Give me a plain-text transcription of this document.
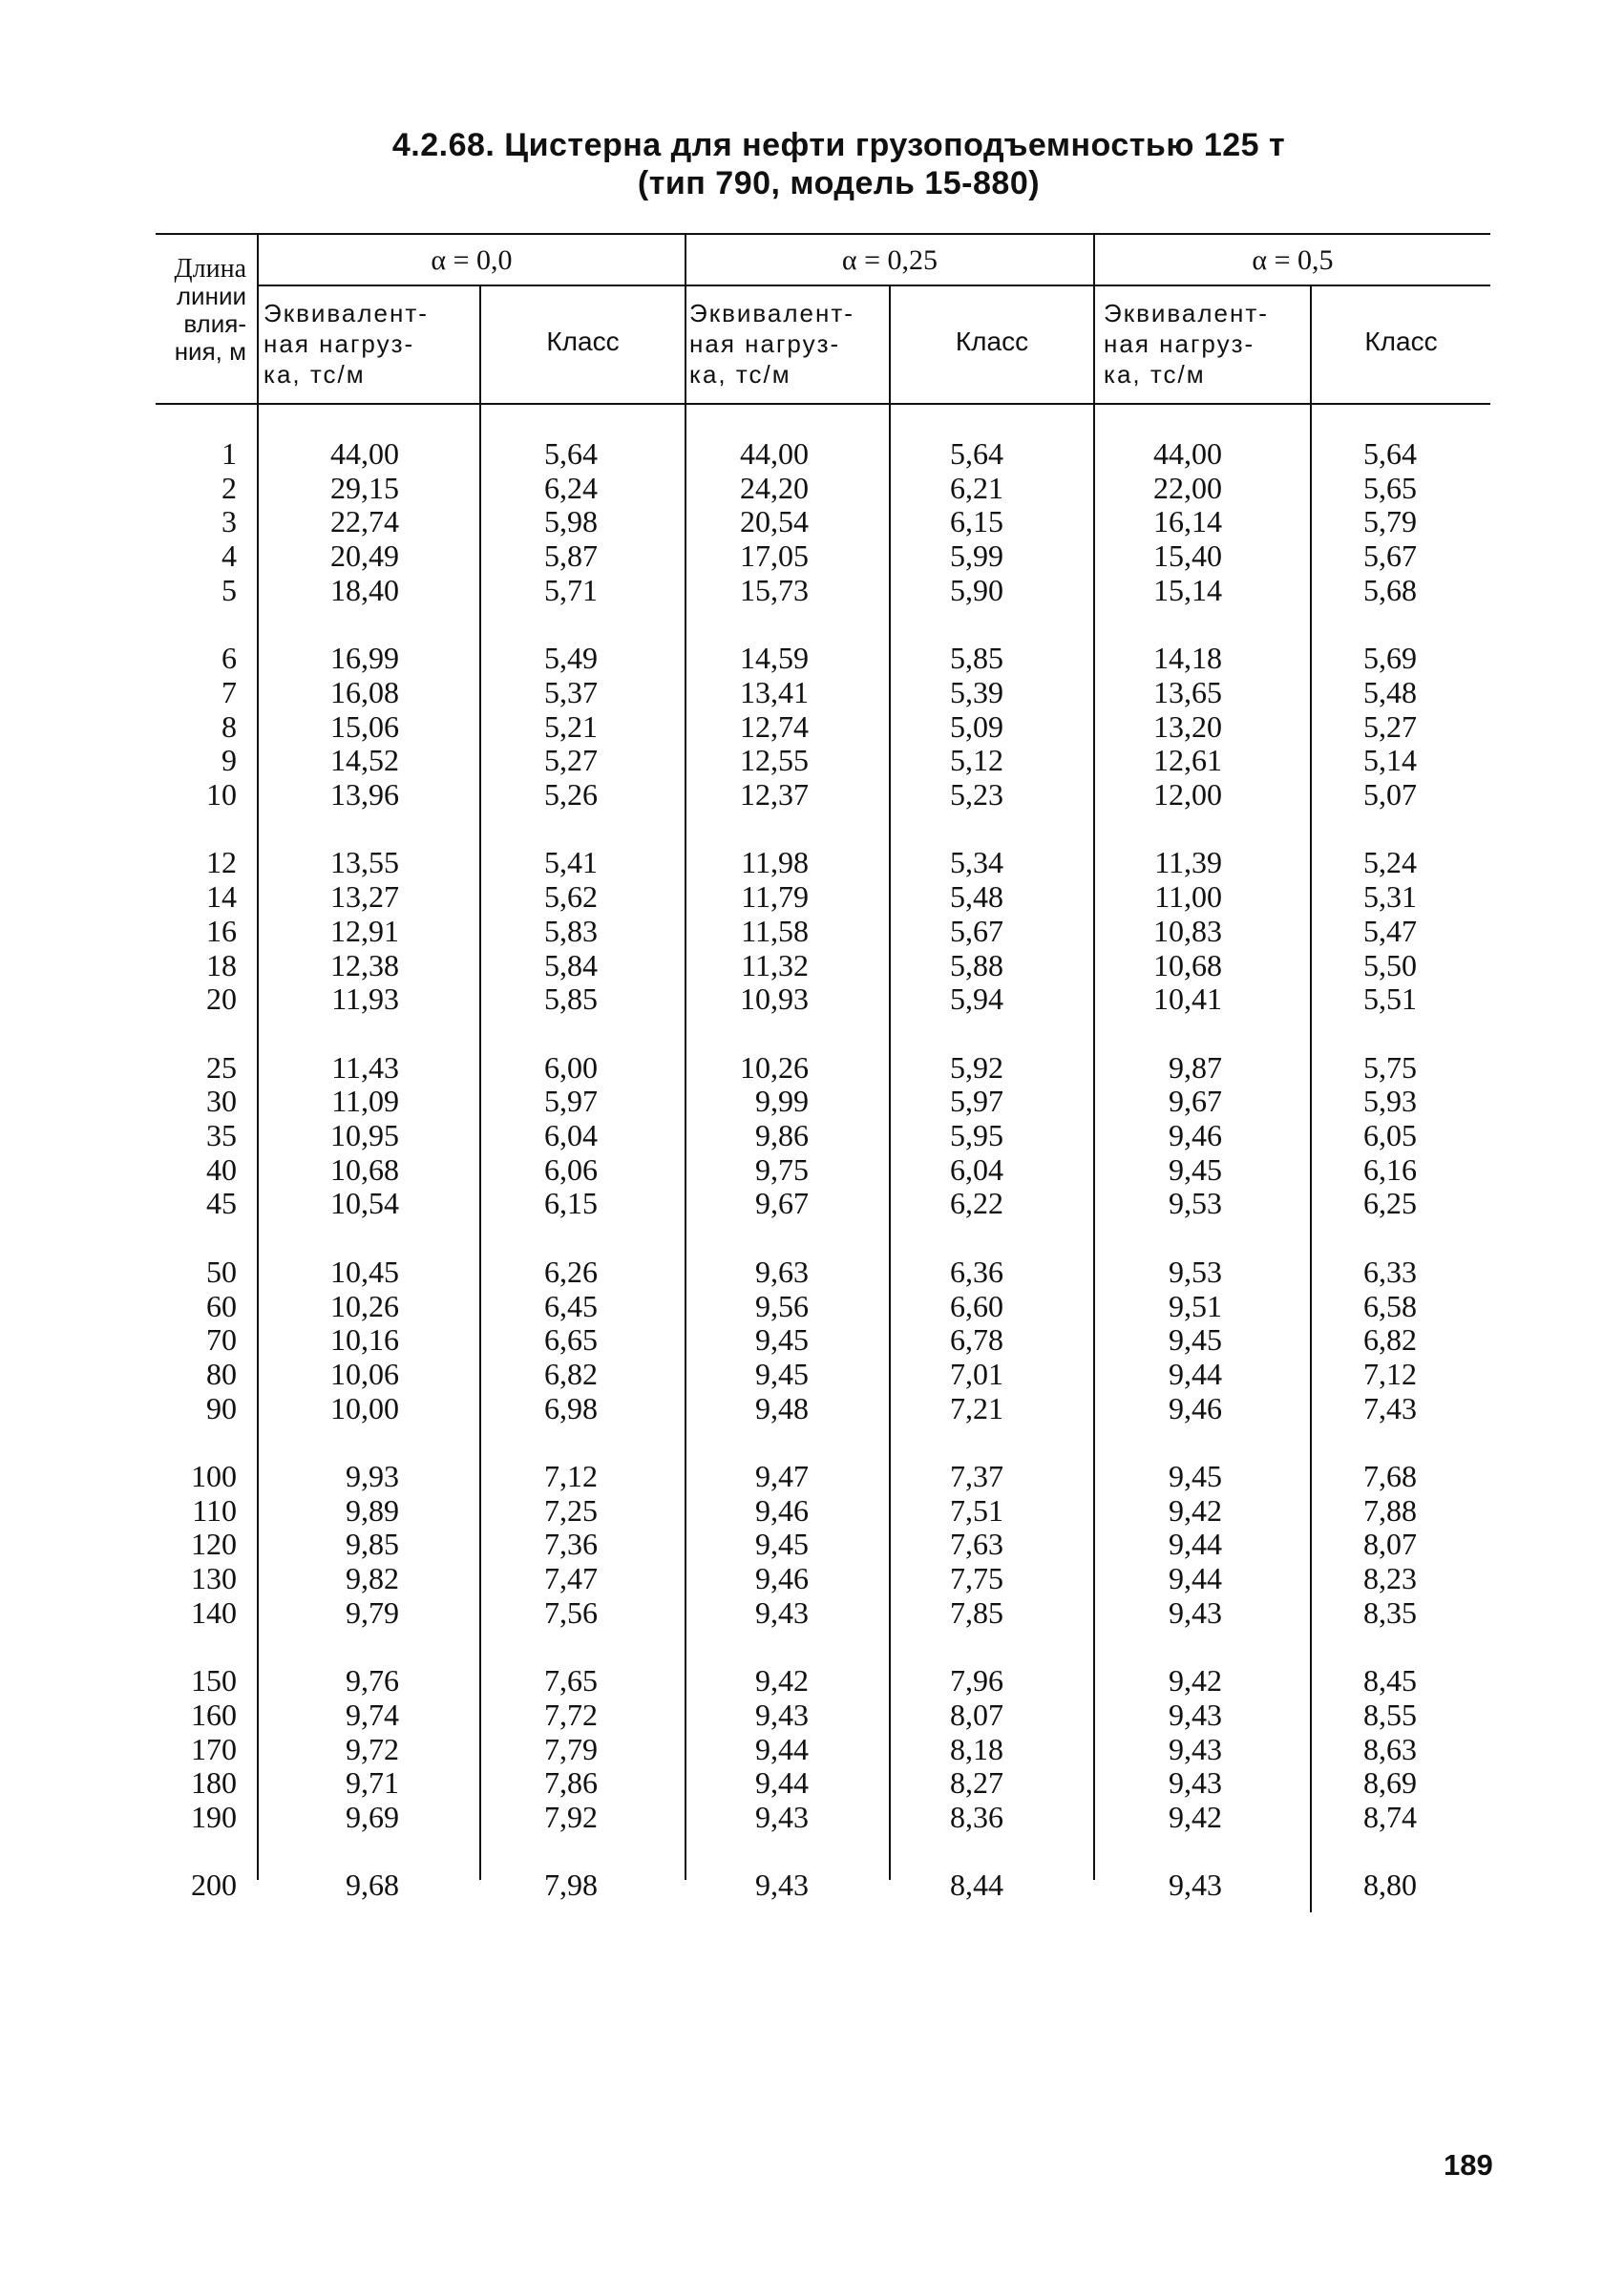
4.2.68. Цистерна для нефти грузоподъемностью 125 т
(тип 790, модель 15-880)
Длина
линии
влия-
ния, м
α = 0,0	α = 0,25	α = 0,5
Эквивалент-
ная нагруз-
ка, тс/м
Класс
Эквивалент-
ная нагруз-
ка, тс/м
Класс
Эквивалент-
ная нагруз-
ка, тс/м
Класс
1	44,00	5,64	44,00	5,64	44,00	5,64
2	29,15	6,24	24,20	6,21	22,00	5,65
3	22,74	5,98	20,54	6,15	16,14	5,79
4	20,49	5,87	17,05	5,99	15,40	5,67
5	18,40	5,71	15,73	5,90	15,14	5,68
6	16,99	5,49	14,59	5,85	14,18	5,69
7	16,08	5,37	13,41	5,39	13,65	5,48
8	15,06	5,21	12,74	5,09	13,20	5,27
9	14,52	5,27	12,55	5,12	12,61	5,14
10	13,96	5,26	12,37	5,23	12,00	5,07
12	13,55	5,41	11,98	5,34	11,39	5,24
14	13,27	5,62	11,79	5,48	11,00	5,31
16	12,91	5,83	11,58	5,67	10,83	5,47
18	12,38	5,84	11,32	5,88	10,68	5,50
20	11,93	5,85	10,93	5,94	10,41	5,51
25	11,43	6,00	10,26	5,92	9,87	5,75
30	11,09	5,97	9,99	5,97	9,67	5,93
35	10,95	6,04	9,86	5,95	9,46	6,05
40	10,68	6,06	9,75	6,04	9,45	6,16
45	10,54	6,15	9,67	6,22	9,53	6,25
50	10,45	6,26	9,63	6,36	9,53	6,33
60	10,26	6,45	9,56	6,60	9,51	6,58
70	10,16	6,65	9,45	6,78	9,45	6,82
80	10,06	6,82	9,45	7,01	9,44	7,12
90	10,00	6,98	9,48	7,21	9,46	7,43
100	9,93	7,12	9,47	7,37	9,45	7,68
110	9,89	7,25	9,46	7,51	9,42	7,88
120	9,85	7,36	9,45	7,63	9,44	8,07
130	9,82	7,47	9,46	7,75	9,44	8,23
140	9,79	7,56	9,43	7,85	9,43	8,35
150	9,76	7,65	9,42	7,96	9,42	8,45
160	9,74	7,72	9,43	8,07	9,43	8,55
170	9,72	7,79	9,44	8,18	9,43	8,63
180	9,71	7,86	9,44	8,27	9,43	8,69
190	9,69	7,92	9,43	8,36	9,42	8,74
200	9,68	7,98	9,43	8,44	9,43	8,80
189
